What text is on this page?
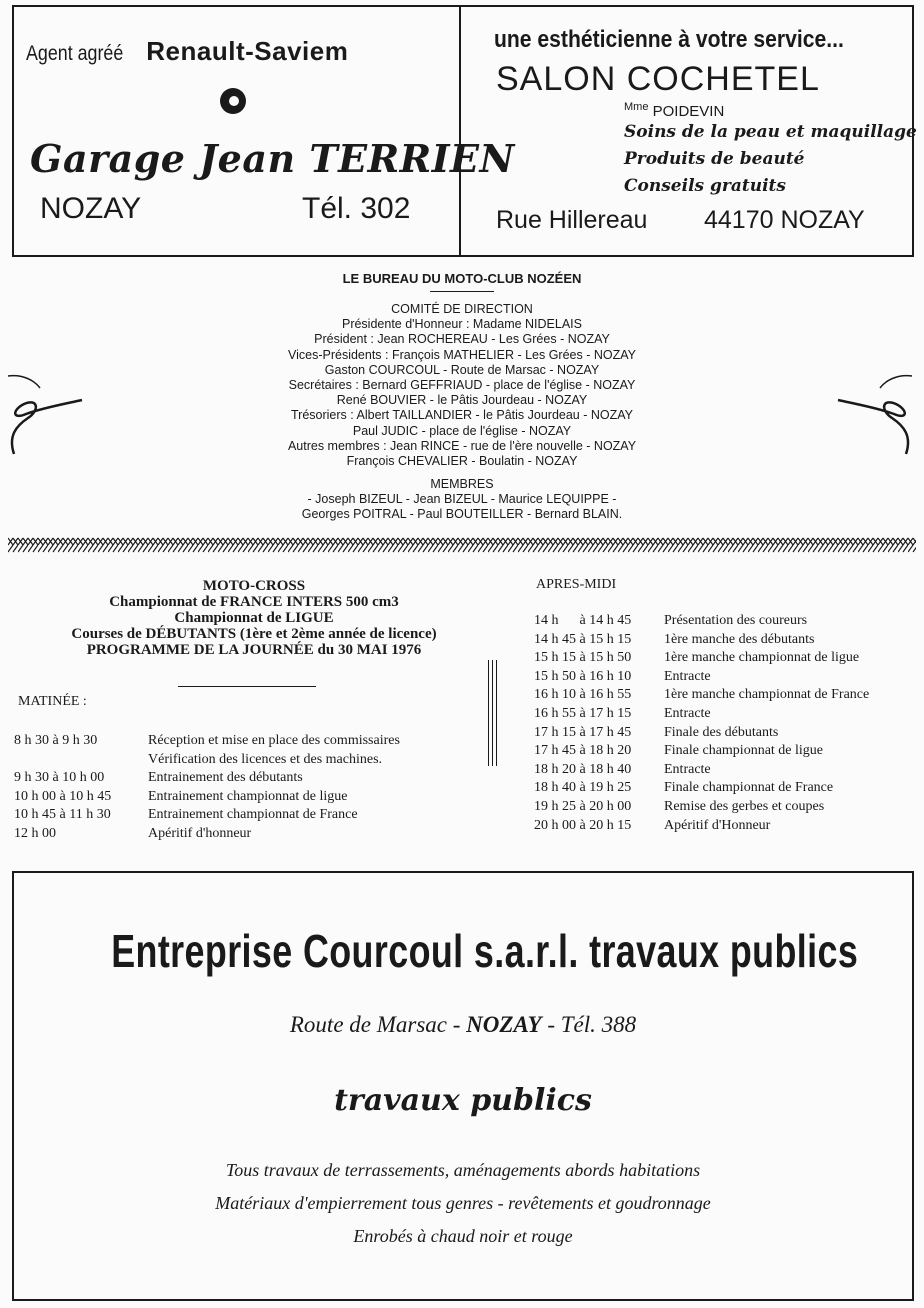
Agent agréé Renault-Saviem
Garage Jean TERRIEN
NOZAY	Tél. 302
une esthéticienne à votre service...
SALON COCHETEL
$^{Mme}$ POIDEVIN
Soins de la peau et maquillage
Produits de beauté
Conseils gratuits
Rue Hillereau 44170 NOZAY
LE BUREAU DU MOTO-CLUB NOZÉEN
COMITÉ DE DIRECTION
Présidente d'Honneur : Madame NIDELAIS
Président : Jean ROCHEREAU - Les Grées - NOZAY
Vices-Présidents : François MATHELIER - Les Grées - NOZAY
Gaston COURCOUL - Route de Marsac - NOZAY
Secrétaires : Bernard GEFFRIAUD - place de l'église - NOZAY
René BOUVIER - le Pâtis Jourdeau - NOZAY
Trésoriers : Albert TAILLANDIER - le Pâtis Jourdeau - NOZAY
Paul JUDIC - place de l'église - NOZAY
Autres membres : Jean RINCE - rue de l'ère nouvelle - NOZAY
François CHEVALIER - Boulatin - NOZAY
MEMBRES
- Joseph BIZEUL - Jean BIZEUL - Maurice LEQUIPPE -
Georges POITRAL - Paul BOUTEILLER - Bernard BLAIN.
MOTO-CROSS
Championnat de FRANCE INTERS 500 cm3
Championnat de LIGUE
Courses de DÉBUTANTS (1ère et 2ème année de licence)
PROGRAMME DE LA JOURNÉE du 30 MAI 1976
MATINÉE :
8 h 30 à 9 h 30	Réception et mise en place des commissaires
Vérification des licences et des machines.
9 h 30 à 10 h 00	Entrainement des débutants
10 h 00 à 10 h 45	Entrainement championnat de ligue
10 h 45 à 11 h 30	Entrainement championnat de France
12 h 00	Apéritif d'honneur
APRES-MIDI
14 h      à 14 h 45	Présentation des coureurs
14 h 45 à 15 h 15	1ère manche des débutants
15 h 15 à 15 h 50	1ère manche championnat de ligue
15 h 50 à 16 h 10	Entracte
16 h 10 à 16 h 55	1ère manche championnat de France
16 h 55 à 17 h 15	Entracte
17 h 15 à 17 h 45	Finale des débutants
17 h 45 à 18 h 20	Finale championnat de ligue
18 h 20 à 18 h 40	Entracte
18 h 40 à 19 h 25	Finale championnat de France
19 h 25 à 20 h 00	Remise des gerbes et coupes
20 h 00 à 20 h 15	Apéritif d'Honneur
Entreprise Courcoul s.a.r.l. travaux publics
Route de Marsac - NOZAY - Tél. 388
travaux publics
Tous travaux de terrassements, aménagements abords habitations
Matériaux d'empierrement tous genres - revêtements et goudronnage
Enrobés à chaud noir et rouge
